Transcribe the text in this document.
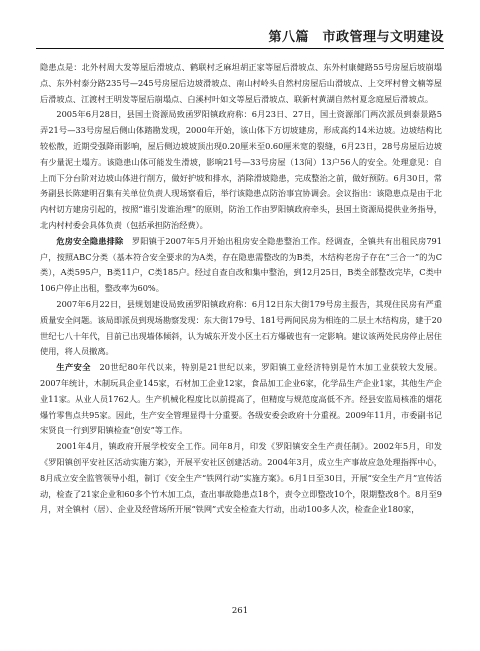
第八篇　市政管理与文明建设

隐患点是：北外村周大发等屋后滑坡点、鹤联村乏麻坦胡正家等屋后滑坡点、东外村康健路55号房屋后坡崩塌点、东外村泰分路235号—245号房屋后边坡滑坡点、南山村岭头自然村房屋后山滑坡点、上交坪村曾文楠等屋后滑坡点、江渡村王明发等屋后崩塌点、白溪村叶如文等屋后滑坡点、联新村黄湖自然村夏念庭屋后滑坡点。

2005年6月28日，县国土资源局致函罗阳镇政府称：6月23日、27日，国土资源部门两次派员到泰景路5弄21号—33号房屋后侧山体踏勘发现，2000年开始，该山体下方切坡建房，形成高约14米边坡。边坡结构比较松散，近期受强降雨影响，屋后侧边坡坡顶出现0.20厘米至0.60厘米宽的裂缝，6月23日，28号房屋后边坡有少量泥土塌方。该隐患山体可能发生滑坡，影响21号—33号房屋（13间）13户56人的安全。处理意见：自上而下分台阶对边坡山体进行削方，做好护坡和排水，消除滑坡隐患，完成整治之前，做好预防。6月30日，常务副县长陈建明召集有关单位负责人现场察看后，举行该隐患点防治事宜协调会。会议指出：该隐患点是由于北内村切方建房引起的，按照“谁引发谁治理”的原则，防治工作由罗阳镇政府牵头，县国土资源局提供业务指导，北内村村委会具体负责（包括承担防治经费）。

危房安全隐患排除　 罗阳镇于2007年5月开始出租房安全隐患整治工作。经调查，全镇共有出租民房791户，按照ABC分类（基本符合安全要求的为A类，存在隐患需整改的为B类，木结构老房子存在“三合一”的为C类），A类595户，B类11户，C类185户。经过自查自改和集中整治，到12月25日，B类全部整改完毕，C类中106户停止出租，整改率为60%。

2007年6月22日，县规划建设局致函罗阳镇政府称：6月12日东大街179号房主报告，其现住民房有严重质量安全问题。该局即派员到现场勘察发现：东大街179号、181号两间民房为相连的二层土木结构房，建于20世纪七八十年代，目前已出现墙体倾斜，认为城东开发小区土石方爆破也有一定影响。建议该两处民房停止居住使用，将人员撤离。

生产安全　 20世纪80年代以来，特别是21世纪以来，罗阳镇工业经济特别是竹木加工业获较大发展。2007年统计，木制玩具企业145家，石材加工企业12家，食品加工企业6家，化学品生产企业1家，其他生产企业11家。从业人员1762人。生产机械化程度比以前提高了，但精度与规范度高低不齐。经县安监局核准的烟花爆竹零售点共95家。因此，生产安全管理显得十分重要。各级安委会政府十分重视。2009年11月，市委副书记宋贤良一行到罗阳镇检查“创安”等工作。

2001年4月，镇政府开展学校安全工作。同年8月，印发《罗阳镇安全生产责任制》。2002年5月，印发《罗阳镇创平安社区活动实施方案》，开展平安社区创建活动。2004年3月，成立生产事故应急处理指挥中心，8月成立安全监管领导小组，制订《安全生产“铁网行动”实施方案》。6月1日至30日，开展“安全生产月”宣传活动，检查了21家企业和60多个竹木加工点，查出事故隐患点18个，责令立即整改10个，限期整改8个。8月至9月，对全镇村（居）、企业及经营场所开展“铁网”式安全检查大行动，出动100多人次，检查企业180家，

261
